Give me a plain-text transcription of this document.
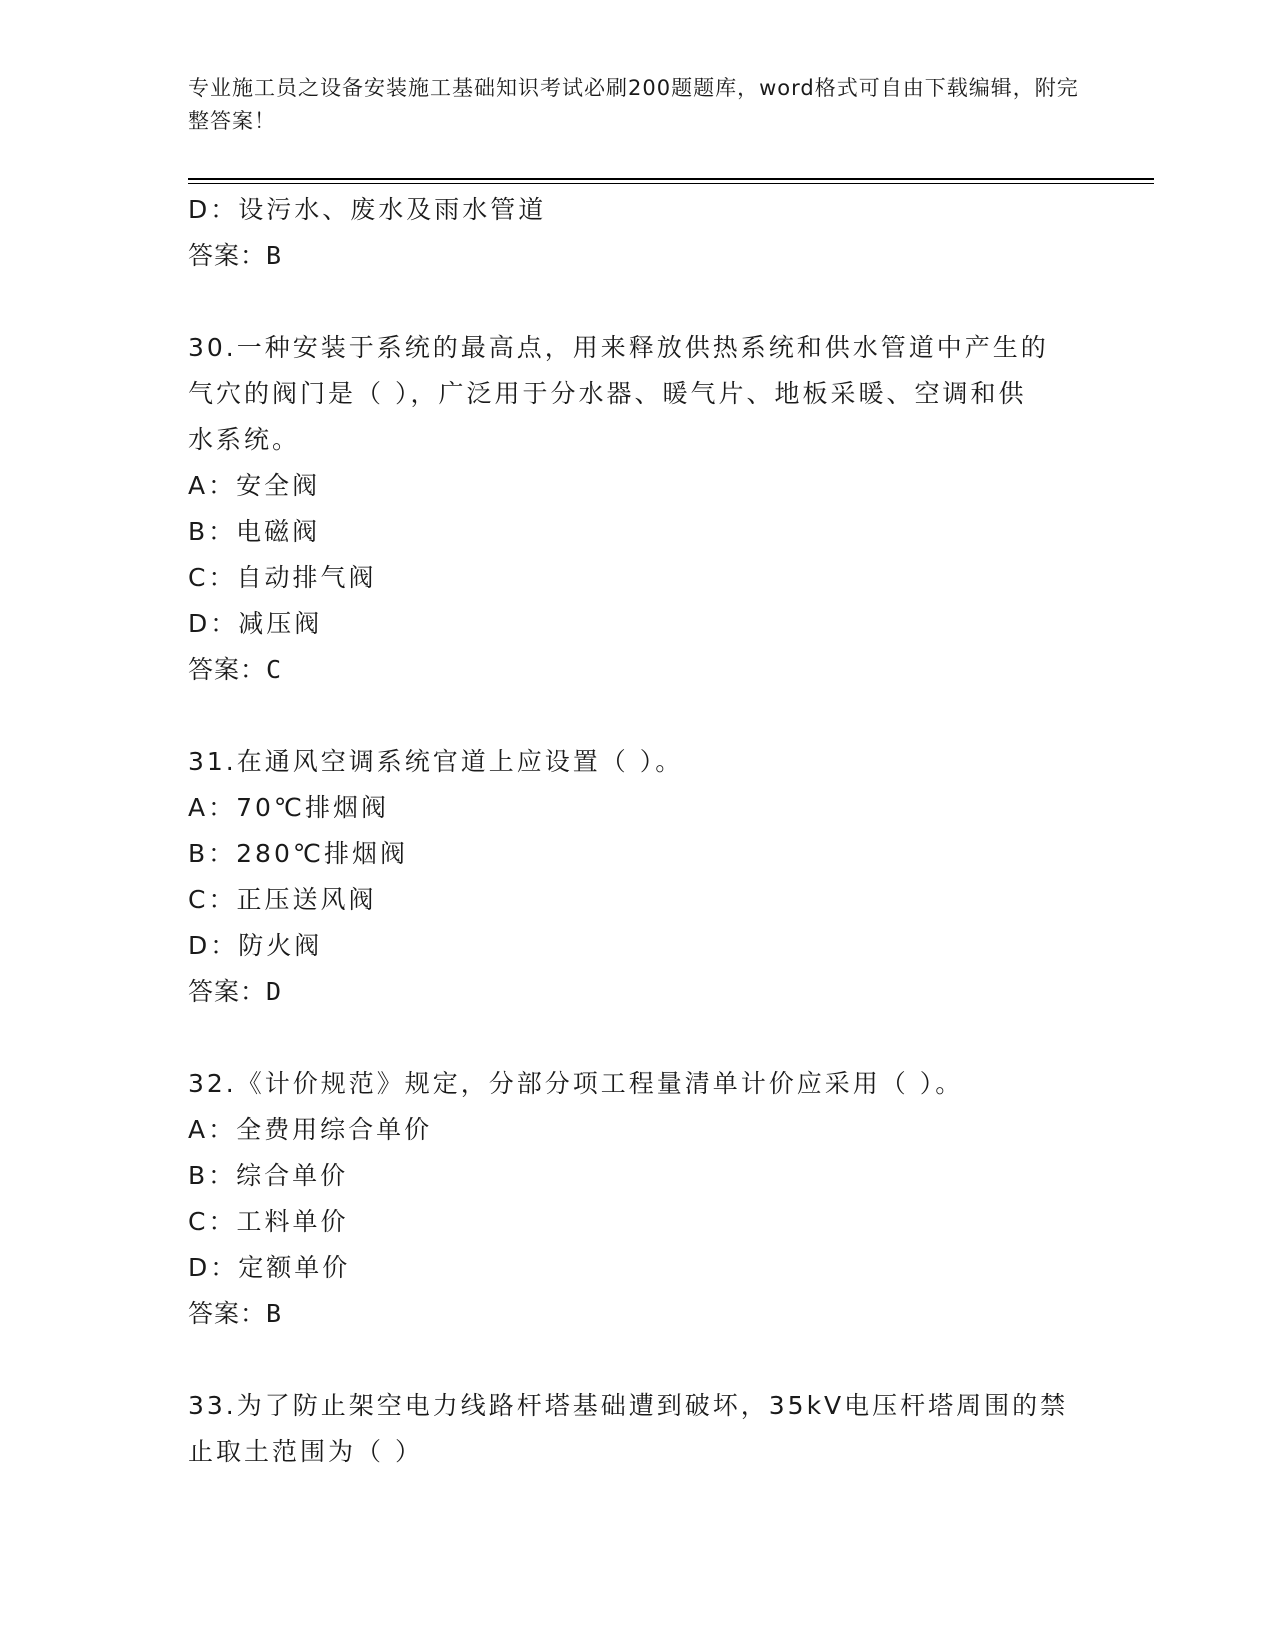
专业施工员之设备安装施工基础知识考试必刷200题题库，word格式可自由下载编辑，附完整答案！
D：设污水、废水及雨水管道
答案：B
30.一种安装于系统的最高点，用来释放供热系统和供水管道中产生的
气穴的阀门是（ ），广泛用于分水器、暖气片、地板采暖、空调和供
水系统。
A：安全阀
B：电磁阀
C：自动排气阀
D：减压阀
答案：C
31.在通风空调系统官道上应设置（ ）。
A：70℃排烟阀
B：280℃排烟阀
C：正压送风阀
D：防火阀
答案：D
32.《计价规范》规定，分部分项工程量清单计价应采用（ ）。
A：全费用综合单价
B：综合单价
C：工料单价
D：定额单价
答案：B
33.为了防止架空电力线路杆塔基础遭到破坏，35kV电压杆塔周围的禁
止取土范围为（ ）
